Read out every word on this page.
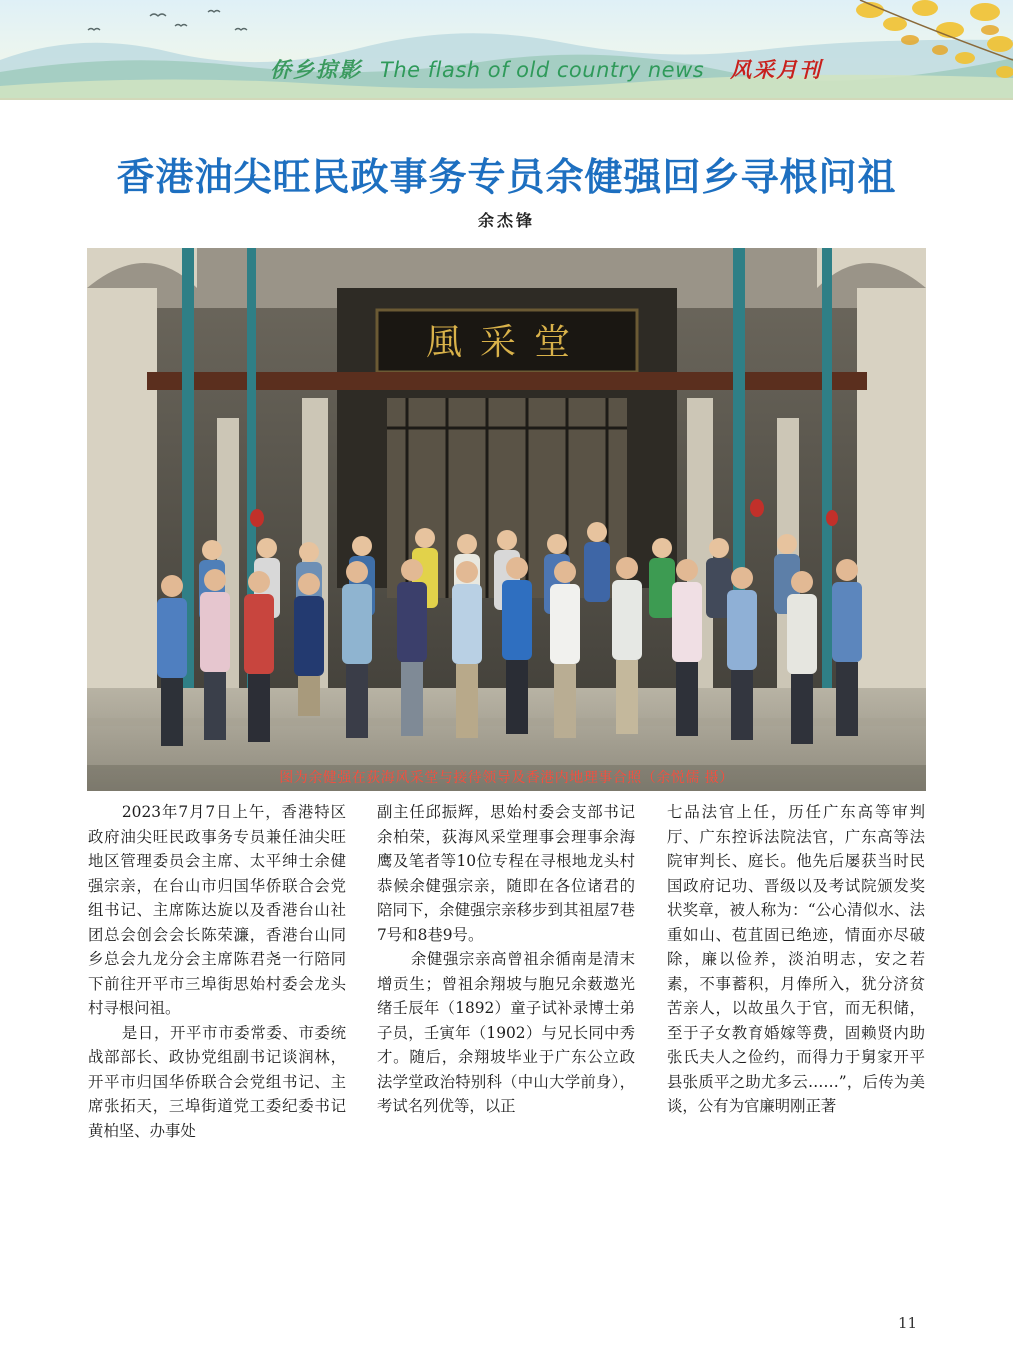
侨乡掠影 The flash of old country news 风采月刊
香港油尖旺民政事务专员余健强回乡寻根问祖
余杰锋
風采堂
图为余健强在荻海风采堂与接待领导及香港内地理事合照（余悦儒 摄）

2023年7月7日上午，香港特区政府油尖旺民政事务专员兼任油尖旺地区管理委员会主席、太平绅士余健强宗亲，在台山市归国华侨联合会党组书记、主席陈达旋以及香港台山社团总会创会会长陈荣濂，香港台山同乡总会九龙分会主席陈君尧一行陪同下前往开平市三埠街思始村委会龙头村寻根问祖。

是日，开平市市委常委、市委统战部部长、政协党组副书记谈润林，开平市归国华侨联合会党组书记、主席张拓天，三埠街道党工委纪委书记黄柏坚、办事处

副主任邱振辉，思始村委会支部书记余柏荣，荻海风采堂理事会理事余海鹰及笔者等10位专程在寻根地龙头村恭候余健强宗亲，随即在各位诸君的陪同下，余健强宗亲移步到其祖屋7巷7号和8巷9号。

余健强宗亲高曾祖余循南是清末增贡生；曾祖余翔坡与胞兄余薮遨光绪壬辰年（1892）童子试补录博士弟子员，壬寅年（1902）与兄长同中秀才。随后，余翔坡毕业于广东公立政法学堂政治特别科（中山大学前身），考试名列优等，以正

七品法官上任，历任广东高等审判厅、广东控诉法院法官，广东高等法院审判长、庭长。他先后屡获当时民国政府记功、晋级以及考试院颁发奖状奖章，被人称为：“公心清似水、法重如山、苞苴固已绝迹，情面亦尽破除，廉以俭养，淡泊明志，安之若素，不事蓄积，月俸所入，犹分济贫苦亲人，以故虽久于官，而无积储，至于子女教育婚嫁等费，固赖贤内助张氏夫人之俭约，而得力于舅家开平县张质平之助尤多云……”，后传为美谈，公有为官廉明刚正著

11
